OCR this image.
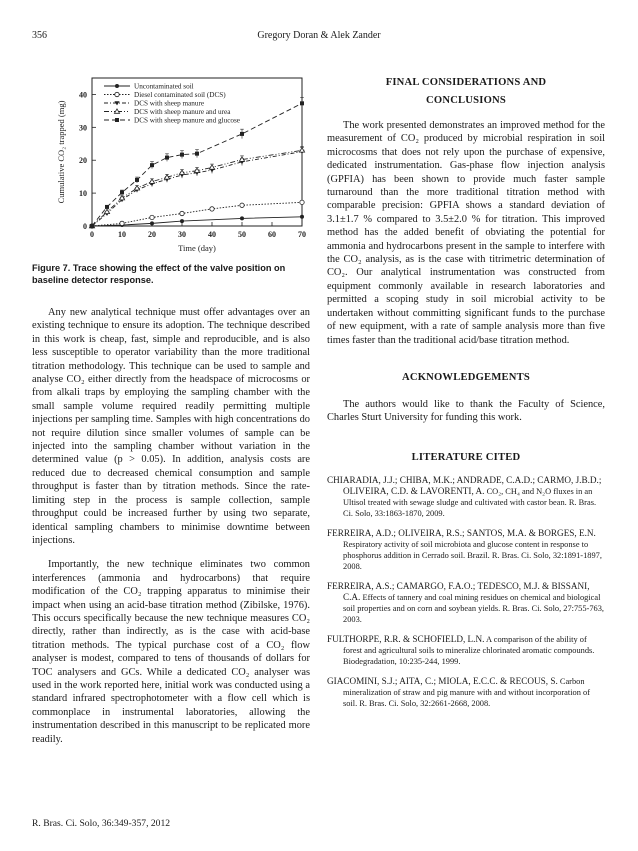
356	Gregory Doran & Alek Zander
0	10	20	30	40	50	60	70
0
10
20
30
40
Time (day)
Cumulative CO₂ trapped (mg)
Uncontaminated soil
Diesel contaminated soil (DCS)
DCS with sheep manure
DCS with sheep manure and urea
DCS with sheep manure and glucose
Figure 7. Trace showing the effect of the valve position on baseline detector response.

Any new analytical technique must offer advantages over an existing technique to ensure its adoption. The technique described in this work is cheap, fast, simple and reproducible, and is also less susceptible to operator variability than the more traditional titration methodology. This technique can be used to sample and analyse CO₂ either directly from the headspace of microcosms or from alkali traps by employing the sampling chamber with the small sample volume required readily permitting multiple injections per sampling time. Samples with high concentrations do not require dilution since smaller volumes of sample can be injected into the sampling chamber without variation in the determined value (p > 0.05). In addition, analysis costs are reduced due to decreased chemical consumption and sample throughput is faster than by titration methods. Since the rate-limiting step in the process is sample collection, sample throughput could be increased further by using two separate, identical sampling chambers to minimise downtime between injections.

Importantly, the new technique eliminates two common interferences (ammonia and hydrocarbons) that require modification of the CO₂ trapping apparatus to minimise their impact when using an acid-base titration method (Zibilske, 1976). This occurs specifically because the new technique measures CO₂ directly, rather than indirectly, as is the case with acid-base titration methods. The typical purchase cost of a CO₂ flow analyser is modest, compared to tens of thousands of dollars for TOC analysers and GCs. While a dedicated CO₂ analyser was used in the work reported here, initial work was conducted using a standard infrared spectrophotometer with a flow cell which is commonplace in instrumental laboratories, allowing the instrumentation described in this manuscript to be replicated more readily.

FINAL CONSIDERATIONS AND
CONCLUSIONS

The work presented demonstrates an improved method for the measurement of CO₂ produced by microbial respiration in soil microcosms that does not rely upon the purchase of expensive, dedicated instrumentation. Gas-phase flow injection analysis (GPFIA) has been shown to provide much faster sample turnaround than the more traditional titration method with comparable precision: GPFIA shows a standard deviation of 3.1±1.7 % compared to 3.5±2.0 % for titration. This improved method has the added benefit of obviating the potential for ammonia and hydrocarbons present in the sample to interfere with the CO₂ analysis, as is the case with titrimetric determination of CO₂. Our analytical instrumentation was constructed from equipment commonly available in research laboratories and permitted a scoping study in soil microbial activity to be undertaken without committing significant funds to the purchase of new equipment, with a rate of sample analysis more than five times faster than the traditional acid/base titration method.

ACKNOWLEDGEMENTS

The authors would like to thank the Faculty of Science, Charles Sturt University for funding this work.

LITERATURE CITED

CHIARADIA, J.J.; CHIBA, M.K.; ANDRADE, C.A.D.; CARMO, J.B.D.; OLIVEIRA, C.D. & LAVORENTI, A. CO₂, CH₄ and N₂O fluxes in an Ultisol treated with sewage sludge and cultivated with castor bean. R. Bras. Ci. Solo, 33:1863-1870, 2009.

FERREIRA, A.D.; OLIVEIRA, R.S.; SANTOS, M.A. & BORGES, E.N. Respiratory activity of soil microbiota and glucose content in response to phosphorus addition in Cerrado soil. Brazil. R. Bras. Ci. Solo, 32:1891-1897, 2008.

FERREIRA, A.S.; CAMARGO, F.A.O.; TEDESCO, M.J. & BISSANI, C.A. Effects of tannery and coal mining residues on chemical and biological soil properties and on corn and soybean yields. R. Bras. Ci. Solo, 27:755-763, 2003.

FULTHORPE, R.R. & SCHOFIELD, L.N. A comparison of the ability of forest and agricultural soils to mineralize chlorinated aromatic compounds. Biodegradation, 10:235-244, 1999.

GIACOMINI, S.J.; AITA, C.; MIOLA, E.C.C. & RECOUS, S. Carbon mineralization of straw and pig manure with and without incorporation of soil. R. Bras. Ci. Solo, 32:2661-2668, 2008.

R. Bras. Ci. Solo, 36:349-357, 2012
